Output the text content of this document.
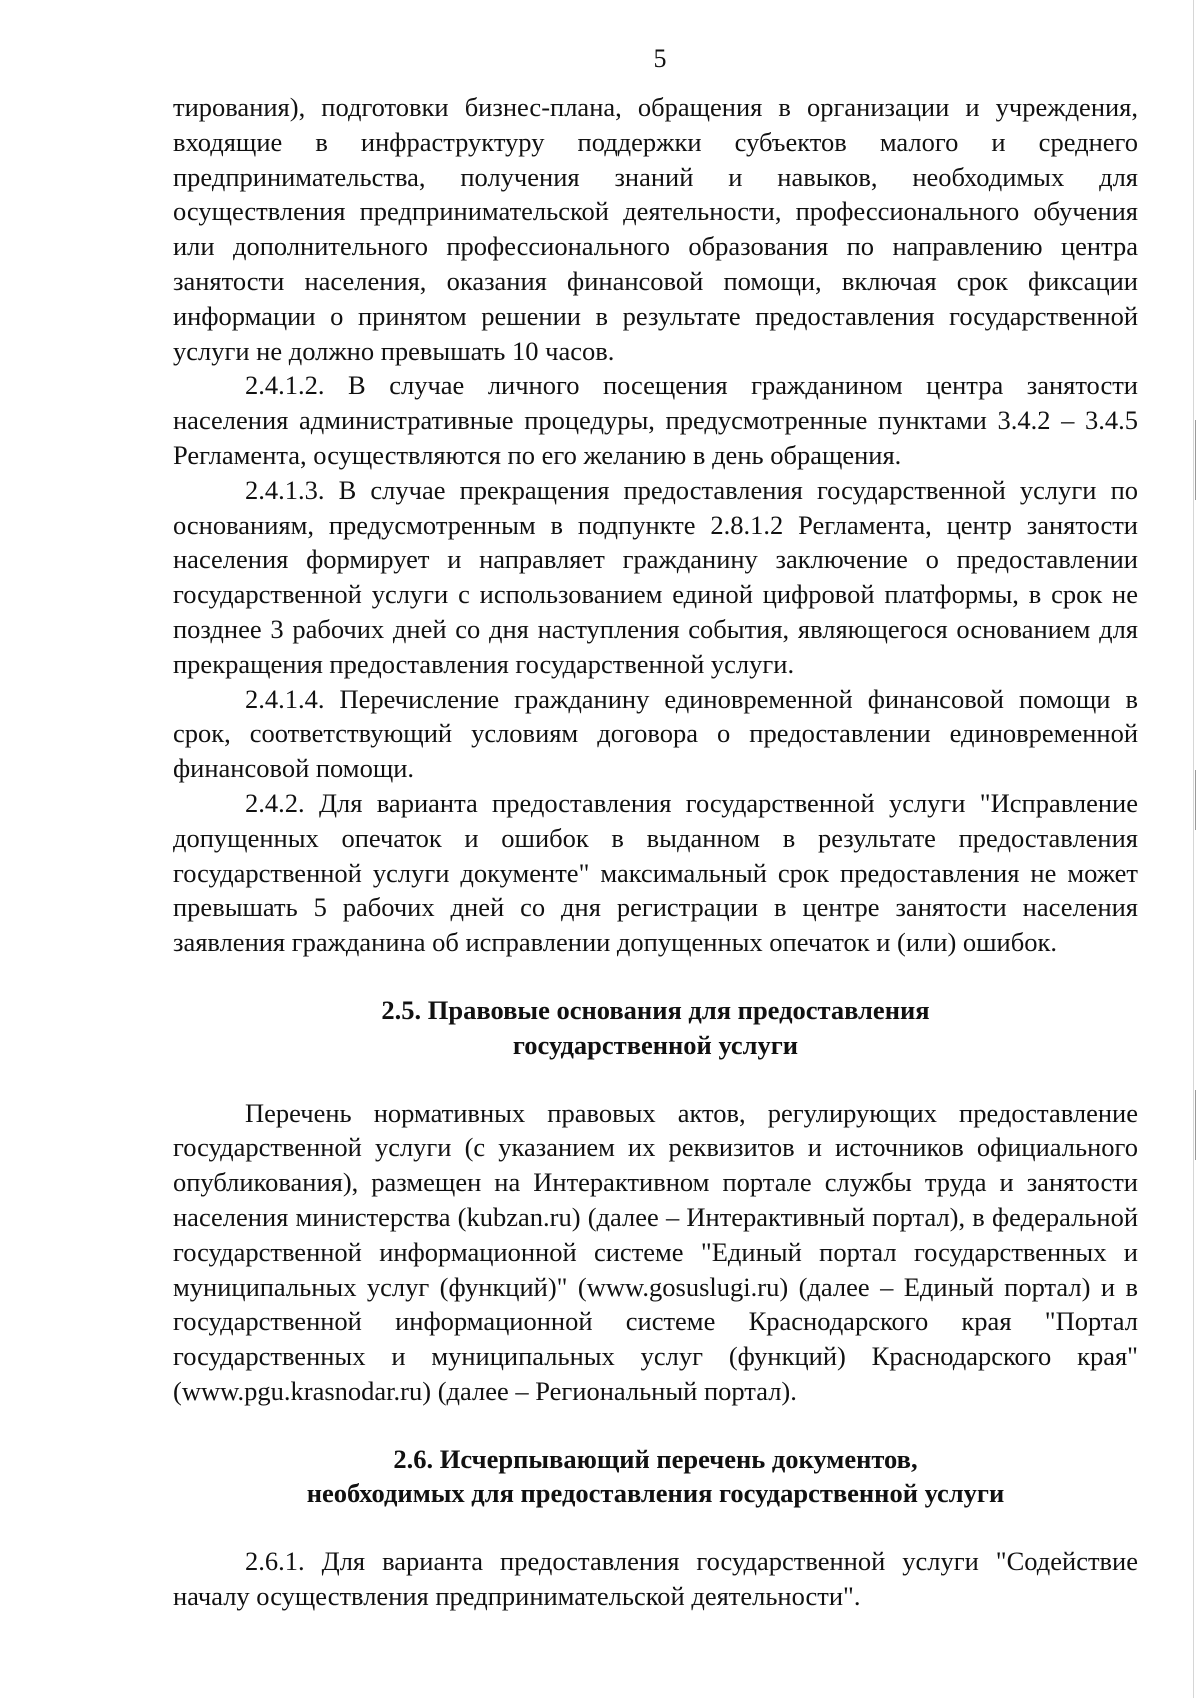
5

тирования), подготовки бизнес-плана, обращения в организации и учреждения, входящие в инфраструктуру поддержки субъектов малого и среднего предпринимательства, получения знаний и навыков, необходимых для осуществления предпринимательской деятельности, профессионального обучения или дополнительного профессионального образования по направлению центра занятости населения, оказания финансовой помощи, включая срок фиксации информации о принятом решении в результате предоставления государственной услуги не должно превышать 10 часов.

2.4.1.2. В случае личного посещения гражданином центра занятости населения административные процедуры, предусмотренные пунктами 3.4.2 – 3.4.5 Регламента, осуществляются по его желанию в день обращения.

2.4.1.3. В случае прекращения предоставления государственной услуги по основаниям, предусмотренным в подпункте 2.8.1.2 Регламента, центр занятости населения формирует и направляет гражданину заключение о предоставлении государственной услуги с использованием единой цифровой платформы, в срок не позднее 3 рабочих дней со дня наступления события, являющегося основанием для прекращения предоставления государственной услуги.

2.4.1.4. Перечисление гражданину единовременной финансовой помощи в срок, соответствующий условиям договора о предоставлении единовременной финансовой помощи.

2.4.2. Для варианта предоставления государственной услуги "Исправление допущенных опечаток и ошибок в выданном в результате предоставления государственной услуги документе" максимальный срок предоставления не может превышать 5 рабочих дней со дня регистрации в центре занятости населения заявления гражданина об исправлении допущенных опечаток и (или) ошибок.

2.5. Правовые основания для предоставления

государственной услуги

Перечень нормативных правовых актов, регулирующих предоставление государственной услуги (с указанием их реквизитов и источников официального опубликования), размещен на Интерактивном портале службы труда и занятости населения министерства (kubzan.ru) (далее – Интерактивный портал), в федеральной государственной информационной системе "Единый портал государственных и муниципальных услуг (функций)" (www.gosuslugi.ru) (далее – Единый портал) и в государственной информационной системе Краснодарского края "Портал государственных и муниципальных услуг (функций) Краснодарского края" (www.pgu.krasnodar.ru) (далее – Региональный портал).

2.6. Исчерпывающий перечень документов,

необходимых для предоставления государственной услуги

2.6.1. Для варианта предоставления государственной услуги "Содействие началу осуществления предпринимательской деятельности".
